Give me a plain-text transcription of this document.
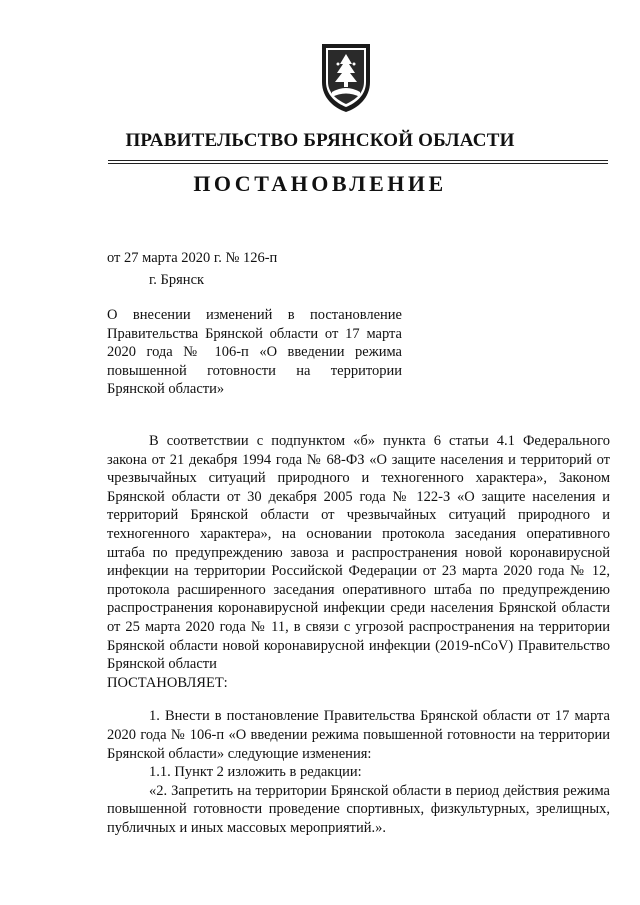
ПРАВИТЕЛЬСТВО БРЯНСКОЙ ОБЛАСТИ
ПОСТАНОВЛЕНИЕ
от 27 марта 2020 г. № 126-п
г. Брянск
О внесении изменений в постановление Правительства Брянской области от 17 марта 2020 года № 106-п «О введении режима повышенной готовности на территории Брянской области»

В соответствии с подпунктом «б» пункта 6 статьи 4.1 Федерального закона от 21 декабря 1994 года № 68-ФЗ «О защите населения и территорий от чрезвычайных ситуаций природного и техногенного характера», Законом Брянской области от 30 декабря 2005 года № 122-З «О защите населения и территорий Брянской области от чрезвычайных ситуаций природного и техногенного характера», на основании протокола заседания оперативного штаба по предупреждению завоза и распространения новой коронавирусной инфекции на территории Российской Федерации от 23 марта 2020 года № 12, протокола расширенного заседания оперативного штаба по предупреждению распространения коронавирусной инфекции среди населения Брянской области от 25 марта 2020 года № 11, в связи с угрозой распространения на территории Брянской области новой коронавирусной инфекции (2019-nCoV) Правительство Брянской области

ПОСТАНОВЛЯЕТ:

1. Внести в постановление Правительства Брянской области от 17 марта 2020 года № 106-п «О введении режима повышенной готовности на территории Брянской области» следующие изменения:

1.1. Пункт 2 изложить в редакции:

«2. Запретить на территории Брянской области в период действия режима повышенной готовности проведение спортивных, физкультурных, зрелищных, публичных и иных массовых мероприятий.».
